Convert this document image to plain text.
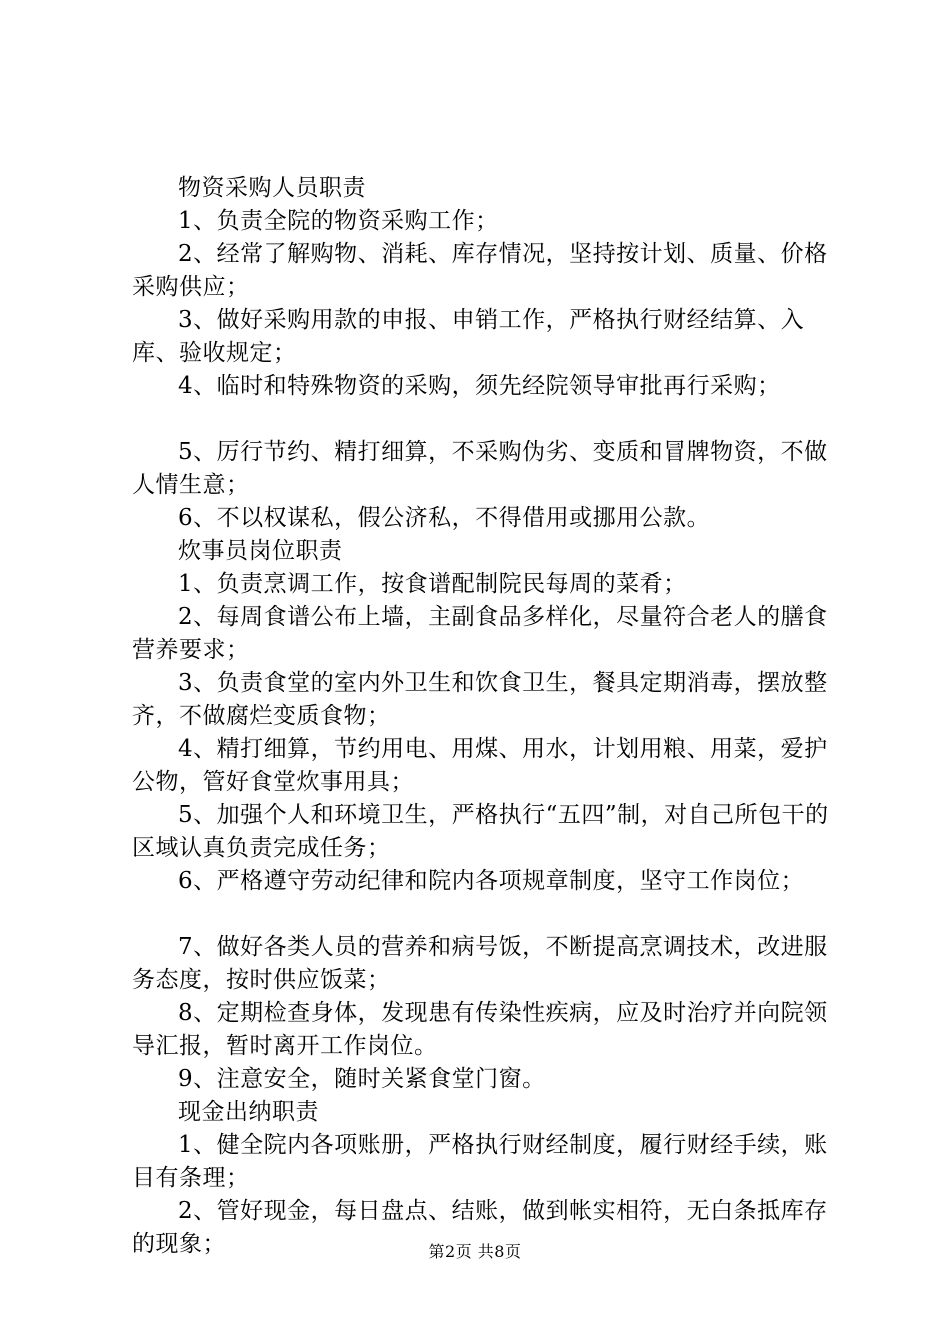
物资采购人员职责

1、负责全院的物资采购工作；

2、经常了解购物、消耗、库存情况，坚持按计划、质量、价格采购供应；

3、做好采购用款的申报、申销工作，严格执行财经结算、入库、验收规定；

4、临时和特殊物资的采购，须先经院领导审批再行采购；

5、厉行节约、精打细算，不采购伪劣、变质和冒牌物资，不做人情生意；

6、不以权谋私，假公济私，不得借用或挪用公款。

炊事员岗位职责

1、负责烹调工作，按食谱配制院民每周的菜肴；

2、每周食谱公布上墙，主副食品多样化，尽量符合老人的膳食营养要求；

3、负责食堂的室内外卫生和饮食卫生，餐具定期消毒，摆放整齐，不做腐烂变质食物；

4、精打细算，节约用电、用煤、用水，计划用粮、用菜，爱护公物，管好食堂炊事用具；

5、加强个人和环境卫生，严格执行“五四”制，对自己所包干的区域认真负责完成任务；

6、严格遵守劳动纪律和院内各项规章制度，坚守工作岗位；

7、做好各类人员的营养和病号饭，不断提高烹调技术，改进服务态度，按时供应饭菜；

8、定期检查身体，发现患有传染性疾病，应及时治疗并向院领导汇报，暂时离开工作岗位。

9、注意安全，随时关紧食堂门窗。

现金出纳职责

1、健全院内各项账册，严格执行财经制度，履行财经手续，账目有条理；

2、管好现金，每日盘点、结账，做到帐实相符，无白条抵库存的现象；	第2页 共8页
